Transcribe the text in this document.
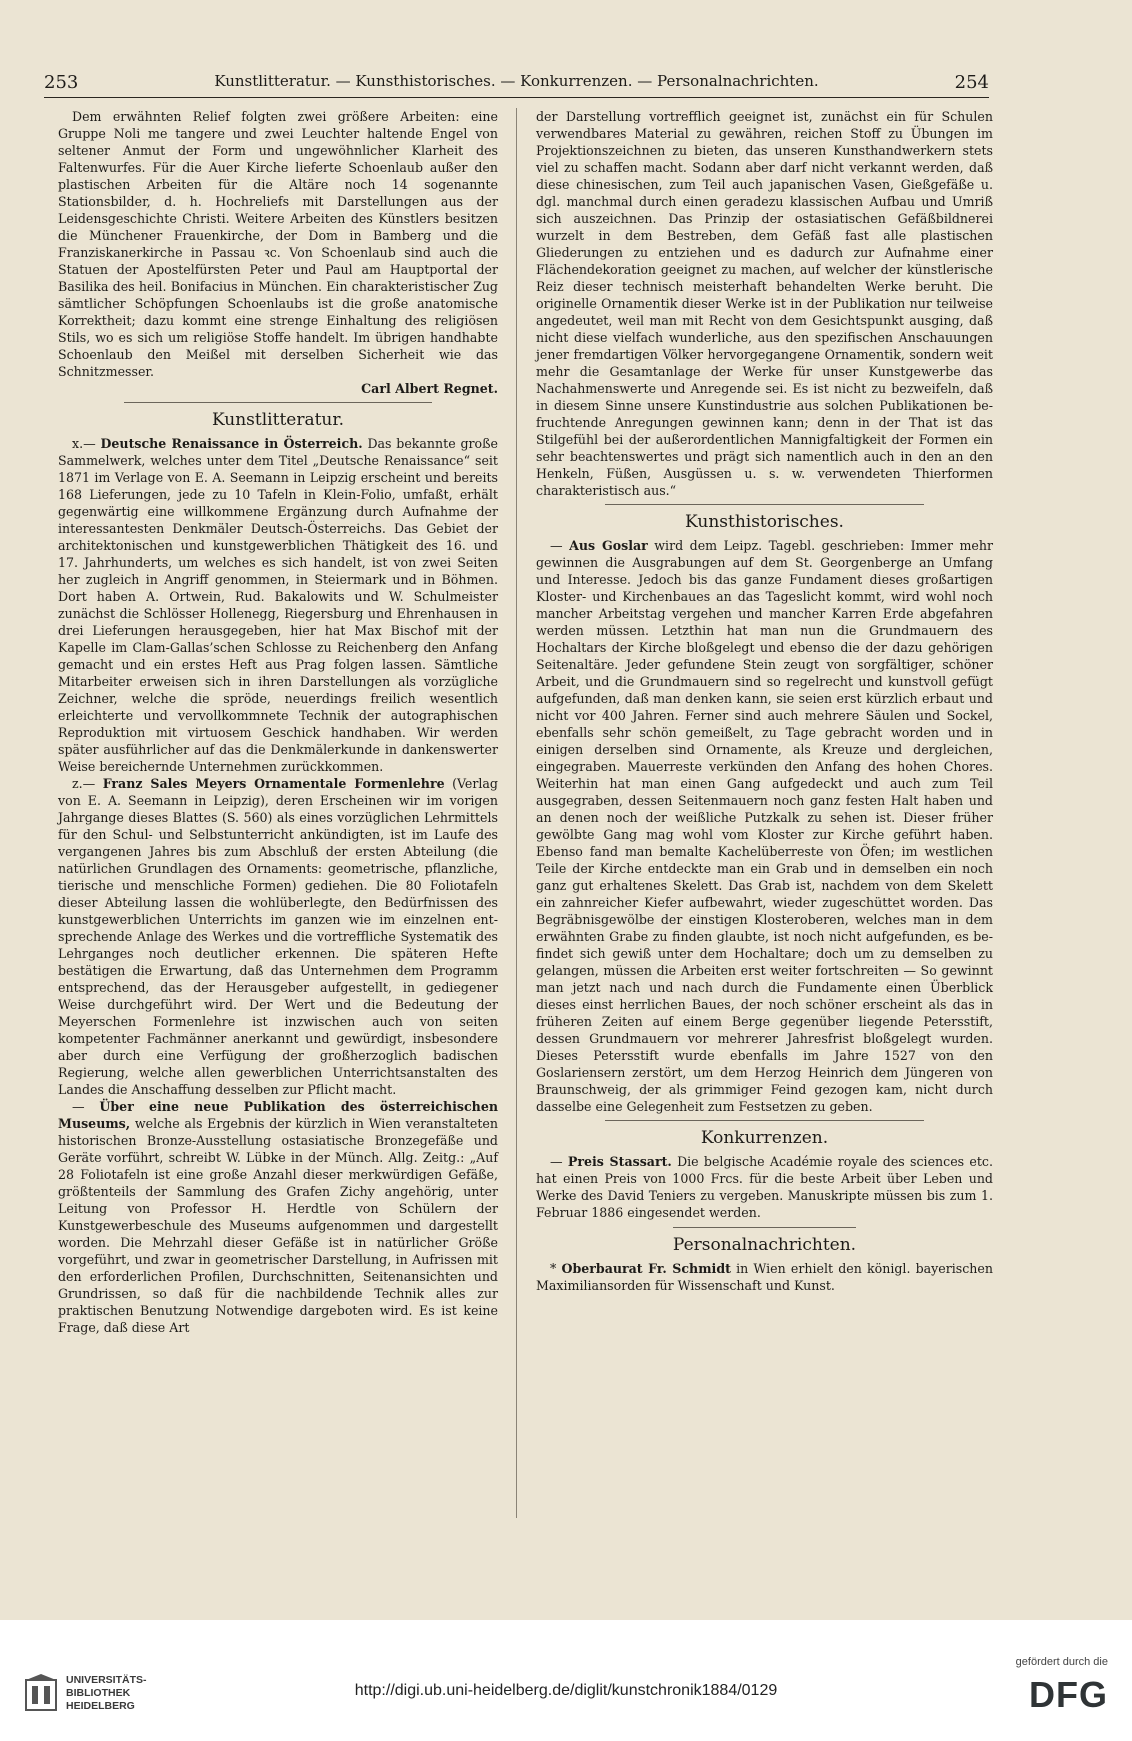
253	Kunstlitteratur. — Kunsthistorisches. — Konkurrenzen. — Personalnachrichten.	254

Dem erwähnten Relief folgten zwei größere Arbeiten: eine Gruppe Noli me tangere und zwei Leuchter haltende Engel von seltener Anmut der Form und ungewöhnlicher Klarheit des Faltenwurfes. Für die Auer Kirche lieferte Schoenlaub außer den plastischen Arbeiten für die Altäre noch 14 sogenannte Stationsbilder, d. h. Hochreliefs mit Darstellungen aus der Leidensgeschichte Christi. Weitere Arbeiten des Künstlers besitzen die Münchener Frauenkirche, der Dom in Bamberg und die Franziskanerkirche in Passau ꝛc. Von Schoenlaub sind auch die Statuen der Apostelfürsten Peter und Paul am Hauptportal der Basilika des heil. Bonifacius in München. Ein charakteristischer Zug sämtlicher Schöpfungen Schoenlaubs ist die große anatomische Korrektheit; dazu kommt eine strenge Einhaltung des religiösen Stils, wo es sich um religiöse Stoffe handelt. Im übrigen handhabte Schoenlaub den Meißel mit derselben Sicherheit wie das Schnitzmesser.

Carl Albert Regnet.

Kunstlitteratur.

x.— Deutsche Renaissance in Österreich. Das bekannte große Sammelwerk, welches unter dem Titel „Deutsche Renaissance“ seit 1871 im Verlage von E. A. Seemann in Leipzig erscheint und bereits 168 Lieferungen, jede zu 10 Tafeln in Klein-Folio, umfaßt, erhält gegenwärtig eine willkommene Ergänzung durch Aufnahme der interessantesten Denkmäler Deutsch-Österreichs. Das Gebiet der architektonischen und kunstgewerblichen Thätigkeit des 16. und 17. Jahrhunderts, um welches es sich handelt, ist von zwei Seiten her zugleich in Angriff genommen, in Steiermark und in Böhmen. Dort haben A. Ortwein, Rud. Bakalowits und W. Schulmeister zunächst die Schlösser Hollenegg, Riegersburg und Ehrenhausen in drei Lieferungen herausgegeben, hier hat Max Bischof mit der Kapelle im Clam-Gallas’schen Schlosse zu Reichenberg den Anfang gemacht und ein erstes Heft aus Prag folgen lassen. Sämtliche Mitarbeiter erweisen sich in ihren Darstellungen als vorzügliche Zeichner, welche die spröde, neuerdings freilich wesentlich erleichterte und vervollkommnete Technik der autographischen Reproduktion mit virtuosem Geschick handhaben. Wir werden später ausführlicher auf das die Denkmälerkunde in dankenswerter Weise bereichernde Unternehmen zurückkommen.

z.— Franz Sales Meyers Ornamentale Formenlehre (Verlag von E. A. Seemann in Leipzig), deren Erscheinen wir im vorigen Jahrgange dieses Blattes (S. 560) als eines vorzüglichen Lehrmittels für den Schul- und Selbstunterricht ankündigten, ist im Laufe des vergangenen Jahres bis zum Abschluß der ersten Abteilung (die natürlichen Grundlagen des Ornaments: geometrische, pflanzliche, tierische und menschliche Formen) gediehen. Die 80 Foliotafeln dieser Abteilung lassen die wohlüberlegte, den Bedürfnissen des kunstgewerblichen Unterrichts im ganzen wie im einzelnen entsprechende Anlage des Werkes und die vortreffliche Systematik des Lehrganges noch deutlicher erkennen. Die späteren Hefte bestätigen die Erwartung, daß das Unternehmen dem Programm entsprechend, das der Herausgeber aufgestellt, in gediegener Weise durchgeführt wird. Der Wert und die Bedeutung der Meyerschen Formenlehre ist inzwischen auch von seiten kompetenter Fachmänner anerkannt und gewürdigt, insbesondere aber durch eine Verfügung der großherzoglich badischen Regierung, welche allen gewerblichen Unterrichtsanstalten des Landes die Anschaffung desselben zur Pflicht macht.

— Über eine neue Publikation des österreichischen Museums, welche als Ergebnis der kürzlich in Wien veranstalteten historischen Bronze-Ausstellung ostasiatische Bronzegefäße und Geräte vorführt, schreibt W. Lübke in der Münch. Allg. Zeitg.: „Auf 28 Foliotafeln ist eine große Anzahl dieser merkwürdigen Gefäße, größtenteils der Sammlung des Grafen Zichy angehörig, unter Leitung von Professor H. Herdtle von Schülern der Kunstgewerbeschule des Museums aufgenommen und dargestellt worden. Die Mehrzahl dieser Gefäße ist in natürlicher Größe vorgeführt, und zwar in geometrischer Darstellung, in Aufrissen mit den erforderlichen Profilen, Durchschnitten, Seitenansichten und Grundrissen, so daß für die nachbildende Technik alles zur praktischen Benutzung Notwendige dargeboten wird. Es ist keine Frage, daß diese Art

der Darstellung vortrefflich geeignet ist, zunächst ein für Schulen verwendbares Material zu gewähren, reichen Stoff zu Übungen im Projektionszeichnen zu bieten, das unseren Kunsthandwerkern stets viel zu schaffen macht. Sodann aber darf nicht verkannt werden, daß diese chinesischen, zum Teil auch japanischen Vasen, Gießgefäße u. dgl. manchmal durch einen geradezu klassischen Aufbau und Umriß sich auszeichnen. Das Prinzip der ostasiatischen Gefäßbildnerei wurzelt in dem Bestreben, dem Gefäß fast alle plastischen Gliederungen zu entziehen und es dadurch zur Aufnahme einer Flächendekoration geeignet zu machen, auf welcher der künstlerische Reiz dieser technisch meisterhaft behandelten Werke beruht. Die originelle Ornamentik dieser Werke ist in der Publikation nur teilweise angedeutet, weil man mit Recht von dem Gesichtspunkt ausging, daß nicht diese vielfach wunderliche, aus den spezifischen Anschauungen jener fremdartigen Völker hervorgegangene Ornamentik, sondern weit mehr die Gesamtanlage der Werke für unser Kunstgewerbe das Nachahmenswerte und Anregende sei. Es ist nicht zu bezweifeln, daß in diesem Sinne unsere Kunstindustrie aus solchen Publikationen befruchtende Anregungen gewinnen kann; denn in der That ist das Stilgefühl bei der außerordentlichen Mannigfaltigkeit der Formen ein sehr beachtenswertes und prägt sich namentlich auch in den an den Henkeln, Füßen, Ausgüssen u. s. w. verwendeten Thierformen charakteristisch aus.“

Kunsthistorisches.

— Aus Goslar wird dem Leipz. Tagebl. geschrieben: Immer mehr gewinnen die Ausgrabungen auf dem St. Georgenberge an Umfang und Interesse. Jedoch bis das ganze Fundament dieses großartigen Kloster- und Kirchenbaues an das Tageslicht kommt, wird wohl noch mancher Arbeitstag vergehen und mancher Karren Erde abgefahren werden müssen. Letzthin hat man nun die Grundmauern des Hochaltars der Kirche bloßgelegt und ebenso die der dazu gehörigen Seitenaltäre. Jeder gefundene Stein zeugt von sorgfältiger, schöner Arbeit, und die Grundmauern sind so regelrecht und kunstvoll gefügt aufgefunden, daß man denken kann, sie seien erst kürzlich erbaut und nicht vor 400 Jahren. Ferner sind auch mehrere Säulen und Sockel, ebenfalls sehr schön gemeißelt, zu Tage gebracht worden und in einigen derselben sind Ornamente, als Kreuze und dergleichen, eingegraben. Mauerreste verkünden den Anfang des hohen Chores. Weiterhin hat man einen Gang aufgedeckt und auch zum Teil ausgegraben, dessen Seitenmauern noch ganz festen Halt haben und an denen noch der weißliche Putzkalk zu sehen ist. Dieser früher gewölbte Gang mag wohl vom Kloster zur Kirche geführt haben. Ebenso fand man bemalte Kachelüberreste von Öfen; im westlichen Teile der Kirche entdeckte man ein Grab und in demselben ein noch ganz gut erhaltenes Skelett. Das Grab ist, nachdem von dem Skelett ein zahnreicher Kiefer aufbewahrt, wieder zugeschüttet worden. Das Begräbnisgewölbe der einstigen Klosteroberen, welches man in dem erwähnten Grabe zu finden glaubte, ist noch nicht aufgefunden, es befindet sich gewiß unter dem Hochaltare; doch um zu demselben zu gelangen, müssen die Arbeiten erst weiter fortschreiten — So gewinnt man jetzt nach und nach durch die Fundamente einen Überblick dieses einst herrlichen Baues, der noch schöner erscheint als das in früheren Zeiten auf einem Berge gegenüber liegende Petersstift, dessen Grundmauern vor mehrerer Jahresfrist bloßgelegt wurden. Dieses Petersstift wurde ebenfalls im Jahre 1527 von den Goslariensern zerstört, um dem Herzog Heinrich dem Jüngeren von Braunschweig, der als grimmiger Feind gezogen kam, nicht durch dasselbe eine Gelegenheit zum Festsetzen zu geben.

Konkurrenzen.

— Preis Stassart. Die belgische Académie royale des sciences etc. hat einen Preis von 1000 Frcs. für die beste Arbeit über Leben und Werke des David Teniers zu vergeben. Manuskripte müssen bis zum 1. Februar 1886 eingesendet werden.

Personalnachrichten.

* Oberbaurat Fr. Schmidt in Wien erhielt den königl. bayerischen Maximiliansorden für Wissenschaft und Kunst.

UNIVERSITÄTS-
BIBLIOTHEK
HEIDELBERG
http://digi.ub.uni-heidelberg.de/diglit/kunstchronik1884/0129
gefördert durch die
DFG
